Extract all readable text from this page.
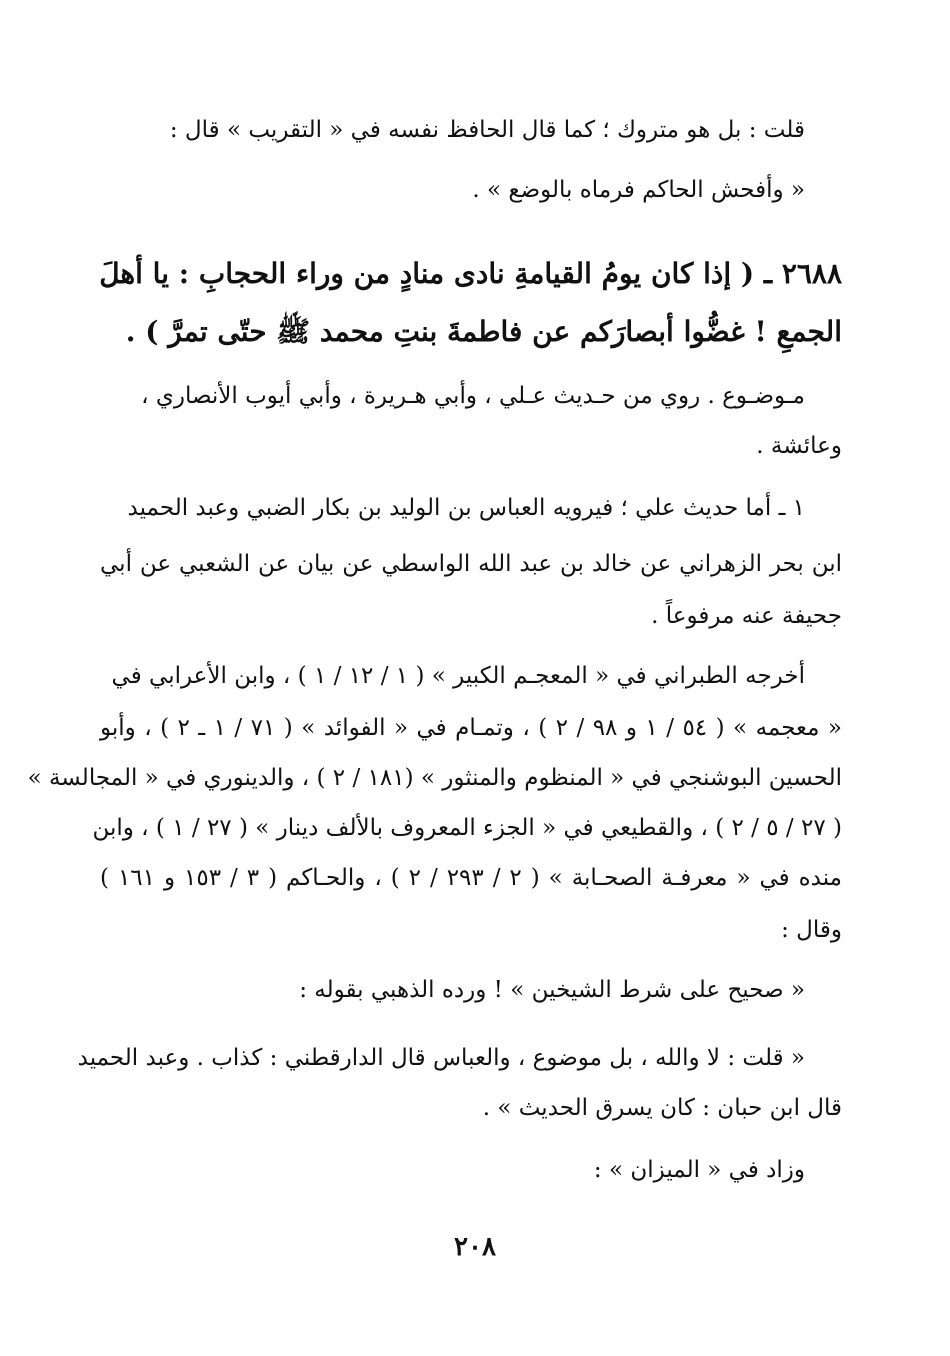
قلت : بل هو متروك ؛ كما قال الحافظ نفسه في « التقريب » قال :
« وأفحش الحاكم فرماه بالوضع » .
٢٦٨٨ ـ ( إذا كان يومُ القيامةِ نادى منادٍ من وراء الحجابِ : يا أهلَ
الجمعِ ! غضُّوا أبصارَكم عن فاطمةَ بنتِ محمد ﷺ حتّى تمرَّ ) .
مـوضـوع . روي من حـديث عـلي ، وأبي هـريرة ، وأبي أيوب الأنصاري ،
وعائشة .
١ ـ أما حديث علي ؛ فيرويه العباس بن الوليد بن بكار الضبي وعبد الحميد
ابن بحر الزهراني عن خالد بن عبد الله الواسطي عن بيان عن الشعبي عن أبي
جحيفة عنه مرفوعاً .
أخرجه الطبراني في « المعجـم الكبير » ( ١ / ١٢ / ١ ) ، وابن الأعرابي في
« معجمه » ( ٥٤ / ١ و ٩٨ / ٢ ) ، وتمـام في « الفوائد » ( ٧١ / ١ ـ ٢ ) ، وأبو
الحسين البوشنجي في « المنظوم والمنثور » (١٨١ / ٢ ) ، والدينوري في « المجالسة »
( ٢٧ / ٥ / ٢ ) ، والقطيعي في « الجزء المعروف بالألف دينار » ( ٢٧ / ١ ) ، وابن
منده في « معرفـة الصحـابة » ( ٢ / ٢٩٣ / ٢ ) ، والحـاكم ( ٣ / ١٥٣ و ١٦١ )
وقال :
« صحيح على شرط الشيخين » ! ورده الذهبي بقوله :
« قلت : لا والله ، بل موضوع ، والعباس قال الدارقطني : كذاب . وعبد الحميد
قال ابن حبان : كان يسرق الحديث » .
وزاد في « الميزان » :
٢٠٨
